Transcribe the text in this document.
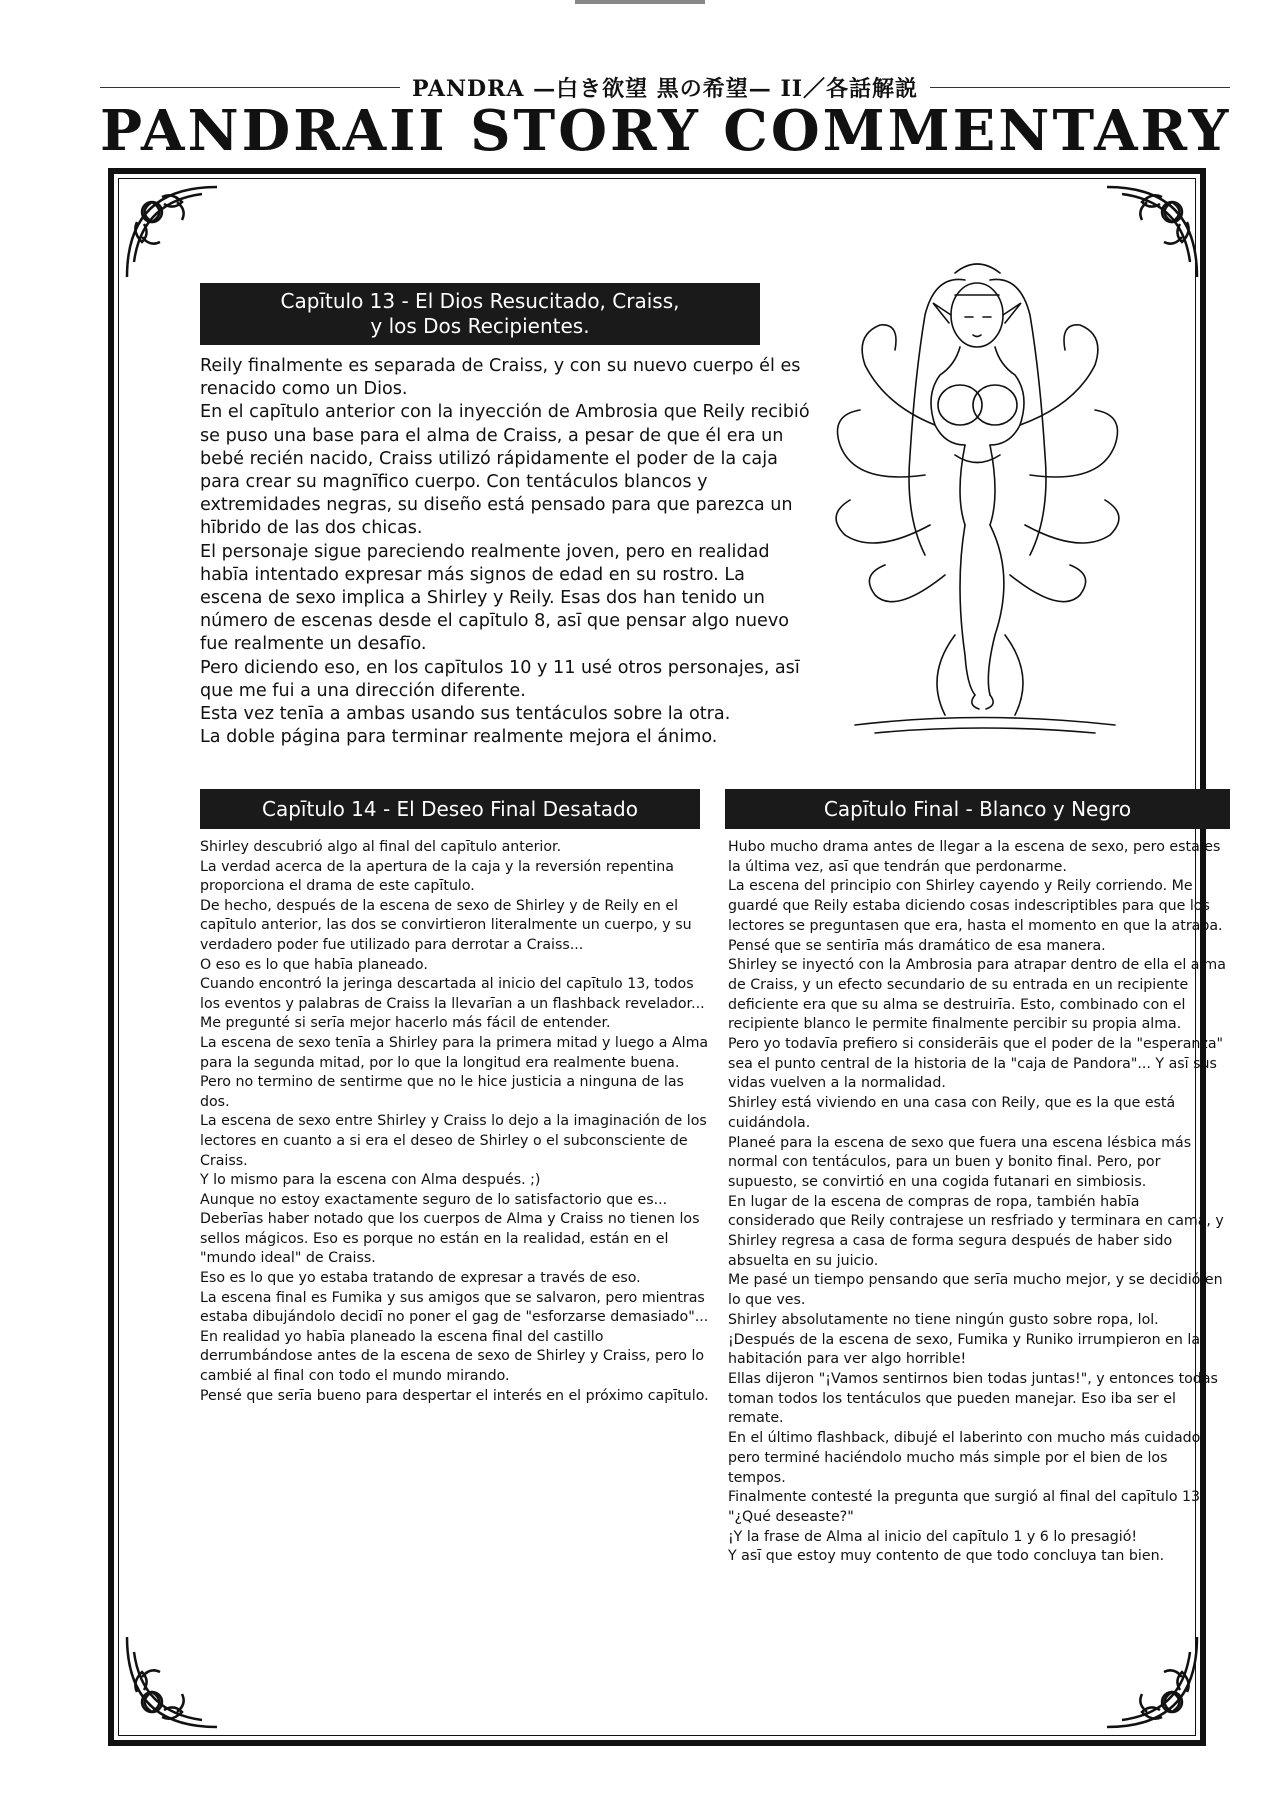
PANDRA —白き欲望 黒の希望— II／各話解説
PANDRAII STORY COMMENTARY
Capītulo 13 - El Dios Resucitado, Craiss,
y los Dos Recipientes.

Reily finalmente es separada de Craiss, y con su nuevo cuerpo él es renacido como un Dios.

En el capītulo anterior con la inyección de Ambrosia que Reily recibió se puso una base para el alma de Craiss, a pesar de que él era un bebé recién nacido, Craiss utilizó rápidamente el poder de la caja para crear su magnīfico cuerpo. Con tentáculos blancos y extremidades negras, su diseño está pensado para que parezca un hībrido de las dos chicas.

El personaje sigue pareciendo realmente joven, pero en realidad habīa intentado expresar más signos de edad en su rostro. La escena de sexo implica a Shirley y Reily. Esas dos han tenido un número de escenas desde el capītulo 8, asī que pensar algo nuevo fue realmente un desafīo.

Pero diciendo eso, en los capītulos 10 y 11 usé otros personajes, asī que me fui a una dirección diferente.

Esta vez tenīa a ambas usando sus tentáculos sobre la otra.

La doble página para terminar realmente mejora el ánimo.

Capītulo 14 - El Deseo Final Desatado

Shirley descubrió algo al final del capītulo anterior.

La verdad acerca de la apertura de la caja y la reversión repentina proporciona el drama de este capītulo.

De hecho, después de la escena de sexo de Shirley y de Reily en el capītulo anterior, las dos se convirtieron literalmente un cuerpo, y su verdadero poder fue utilizado para derrotar a Craiss...

O eso es lo que habīa planeado.

Cuando encontró la jeringa descartada al inicio del capītulo 13, todos los eventos y palabras de Craiss la llevarīan a un flashback revelador...

Me pregunté si serīa mejor hacerlo más fácil de entender.

La escena de sexo tenīa a Shirley para la primera mitad y luego a Alma para la segunda mitad, por lo que la longitud era realmente buena. Pero no termino de sentirme que no le hice justicia a ninguna de las dos.

La escena de sexo entre Shirley y Craiss lo dejo a la imaginación de los lectores en cuanto a si era el deseo de Shirley o el subconsciente de Craiss.

Y lo mismo para la escena con Alma después. ;)

Aunque no estoy exactamente seguro de lo satisfactorio que es...

Deberīas haber notado que los cuerpos de Alma y Craiss no tienen los sellos mágicos. Eso es porque no están en la realidad, están en el "mundo ideal" de Craiss.

Eso es lo que yo estaba tratando de expresar a través de eso.

La escena final es Fumika y sus amigos que se salvaron, pero mientras estaba dibujándolo decidī no poner el gag de "esforzarse demasiado"...

En realidad yo habīa planeado la escena final del castillo derrumbándose antes de la escena de sexo de Shirley y Craiss, pero lo cambié al final con todo el mundo mirando.

Pensé que serīa bueno para despertar el interés en el próximo capītulo.

Capītulo Final - Blanco y Negro

Hubo mucho drama antes de llegar a la escena de sexo, pero esta es la última vez, asī que tendrán que perdonarme.

La escena del principio con Shirley cayendo y Reily corriendo. Me guardé que Reily estaba diciendo cosas indescriptibles para que los lectores se preguntasen que era, hasta el momento en que la atrapa. Pensé que se sentirīa más dramático de esa manera.

Shirley se inyectó con la Ambrosia para atrapar dentro de ella el alma de Craiss, y un efecto secundario de su entrada en un recipiente deficiente era que su alma se destruirīa. Esto, combinado con el recipiente blanco le permite finalmente percibir su propia alma.

Pero yo todavīa prefiero si considerāis que el poder de la "esperanza" sea el punto central de la historia de la "caja de Pandora"... Y asī sus vidas vuelven a la normalidad.

Shirley está viviendo en una casa con Reily, que es la que está cuidándola.

Planeé para la escena de sexo que fuera una escena lésbica más normal con tentáculos, para un buen y bonito final. Pero, por supuesto, se convirtió en una cogida futanari en simbiosis.

En lugar de la escena de compras de ropa, también habīa considerado que Reily contrajese un resfriado y terminara en cama, y Shirley regresa a casa de forma segura después de haber sido absuelta en su juicio.

Me pasé un tiempo pensando que serīa mucho mejor, y se decidió en lo que ves.

Shirley absolutamente no tiene ningún gusto sobre ropa, lol.

¡Después de la escena de sexo, Fumika y Runiko irrumpieron en la habitación para ver algo horrible!

Ellas dijeron "¡Vamos sentirnos bien todas juntas!", y entonces todas toman todos los tentáculos que pueden manejar. Eso iba ser el remate.

En el último flashback, dibujé el laberinto con mucho más cuidado, pero terminé haciéndolo mucho más simple por el bien de los tempos.

Finalmente contesté la pregunta que surgió al final del capītulo 13, "¿Qué deseaste?"

¡Y la frase de Alma al inicio del capītulo 1 y 6 lo presagió!

Y asī que estoy muy contento de que todo concluya tan bien.
